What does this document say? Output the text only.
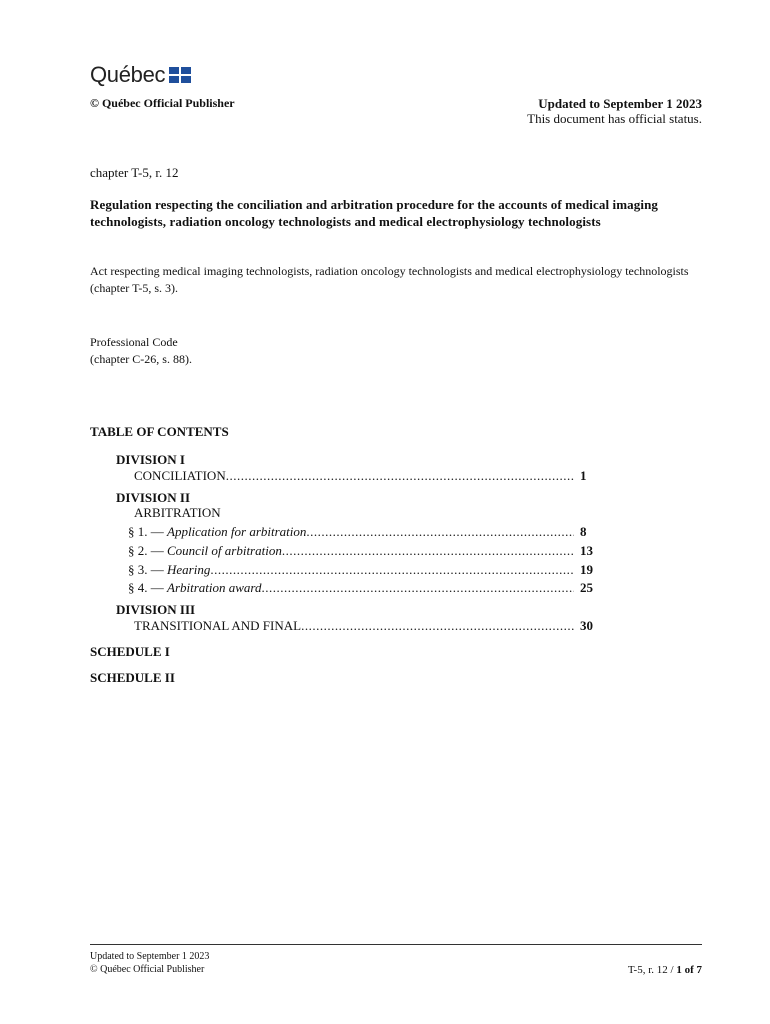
Québec
© Québec Official Publisher	Updated to September 1 2023
This document has official status.
chapter T-5, r. 12
Regulation respecting the conciliation and arbitration procedure for the accounts of medical imaging technologists, radiation oncology technologists and medical electrophysiology technologists
Act respecting medical imaging technologists, radiation oncology technologists and medical electrophysiology technologists
(chapter T-5, s. 3).
Professional Code
(chapter C-26, s. 88).
TABLE OF CONTENTS
DIVISION I
CONCILIATION .....	1
DIVISION II
ARBITRATION
§ 1. — Application for arbitration .....	8
§ 2. — Council of arbitration .....	13
§ 3. — Hearing .....	19
§ 4. — Arbitration award .....	25
DIVISION III
TRANSITIONAL AND FINAL .....	30
SCHEDULE I
SCHEDULE II
Updated to September 1 2023
© Québec Official Publisher	T-5, r. 12 / 1 of 7
